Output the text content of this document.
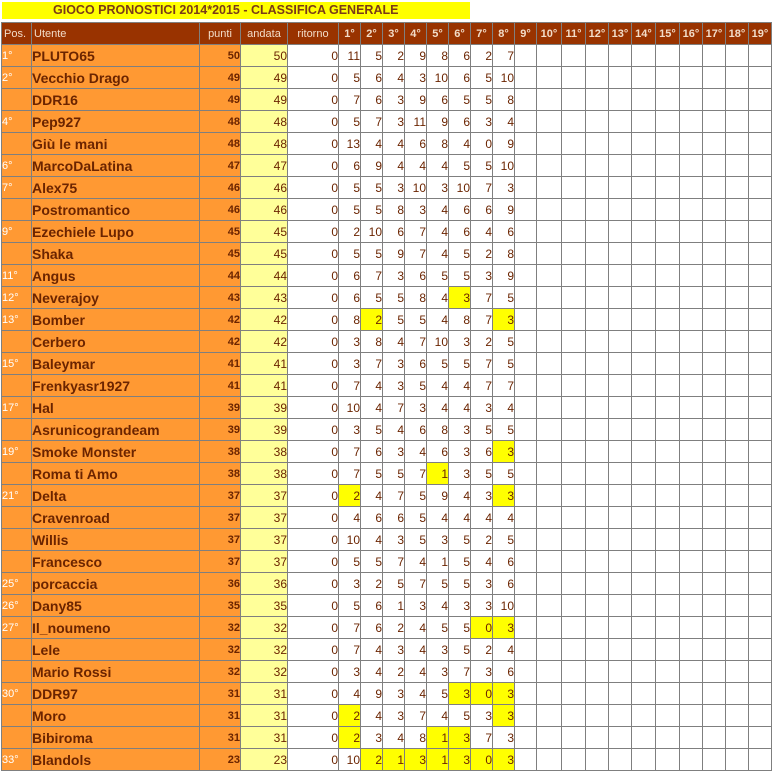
GIOCO PRONOSTICI 2014*2015 - CLASSIFICA GENERALE
Pos.	Utente	punti	andata	ritorno	1°	2°	3°	4°	5°	6°	7°	8°	9°	10°	11°	12°	13°	14°	15°	16°	17°	18°	19°
1°	PLUTO65	50	50	0	11	5	2	9	8	6	2	7											
2°	Vecchio Drago	49	49	0	5	6	4	3	10	6	5	10											
	DDR16	49	49	0	7	6	3	9	6	5	5	8											
4°	Pep927	48	48	0	5	7	3	11	9	6	3	4											
	Giù le mani	48	48	0	13	4	4	6	8	4	0	9											
6°	MarcoDaLatina	47	47	0	6	9	4	4	4	5	5	10											
7°	Alex75	46	46	0	5	5	3	10	3	10	7	3											
	Postromantico	46	46	0	5	5	8	3	4	6	6	9											
9°	Ezechiele Lupo	45	45	0	2	10	6	7	4	6	4	6											
	Shaka	45	45	0	5	5	9	7	4	5	2	8											
11°	Angus	44	44	0	6	7	3	6	5	5	3	9											
12°	Neverajoy	43	43	0	6	5	5	8	4	3	7	5											
13°	Bomber	42	42	0	8	2	5	5	4	8	7	3											
	Cerbero	42	42	0	3	8	4	7	10	3	2	5											
15°	Baleymar	41	41	0	3	7	3	6	5	5	7	5											
	Frenkyasr1927	41	41	0	7	4	3	5	4	4	7	7											
17°	Hal	39	39	0	10	4	7	3	4	4	3	4											
	Asrunicograndeam	39	39	0	3	5	4	6	8	3	5	5											
19°	Smoke Monster	38	38	0	7	6	3	4	6	3	6	3											
	Roma ti Amo	38	38	0	7	5	5	7	1	3	5	5											
21°	Delta	37	37	0	2	4	7	5	9	4	3	3											
	Cravenroad	37	37	0	4	6	6	5	4	4	4	4											
	Willis	37	37	0	10	4	3	5	3	5	2	5											
	Francesco	37	37	0	5	5	7	4	1	5	4	6											
25°	porcaccia	36	36	0	3	2	5	7	5	5	3	6											
26°	Dany85	35	35	0	5	6	1	3	4	3	3	10											
27°	Il_noumeno	32	32	0	7	6	2	4	5	5	0	3											
	Lele	32	32	0	7	4	3	4	3	5	2	4											
	Mario Rossi	32	32	0	3	4	2	4	3	7	3	6											
30°	DDR97	31	31	0	4	9	3	4	5	3	0	3											
	Moro	31	31	0	2	4	3	7	4	5	3	3											
	Bibiroma	31	31	0	2	3	4	8	1	3	7	3											
33°	Blandols	23	23	0	10	2	1	3	1	3	0	3											
